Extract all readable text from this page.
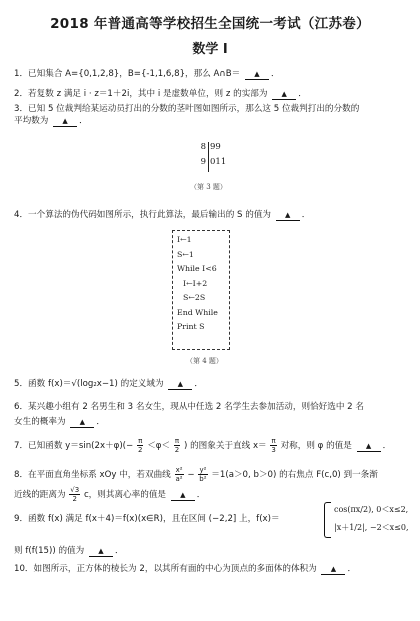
2018 年普通高等学校招生全国统一考试（江苏卷）
数学 I
1．已知集合 A={0,1,2,8}，B={-1,1,6,8}，那么 A∩B＝ ▲ ．
2．若复数 z 满足 i · z＝1＋2i，其中 i 是虚数单位，则 z 的实部为 ▲ ．
3．已知 5 位裁判给某运动员打出的分数的茎叶图如图所示，那么这 5 位裁判打出的分数的
平均数为 ▲ ．
8 99
9 011
（第 3 题）
4．一个算法的伪代码如图所示，执行此算法，最后输出的 S 的值为 ▲ ．
I←1
S←1
While I<6
I←I+2
S←2S
End While
Print S
（第 4 题）
5．函数 f(x)＝√(log₂x−1) 的定义域为 ▲ ．
6．某兴趣小组有 2 名男生和 3 名女生，现从中任选 2 名学生去参加活动，则恰好选中 2 名
女生的概率为 ▲ ．
7．已知函数 $y=\sin(2x+\varphi)(- \frac{\pi}{2} <\varphi< \frac{\pi}{2}$ ) 的图象关于直线 $x= \frac{\pi}{3}$ 对称，则 φ 的值是 ▲ ．
8．在平面直角坐标系 xOy 中，若双曲线 $\frac{\text{x²}}{\text{a²}} - \frac{\text{y²}}{\text{b²}} =1(a>0$, b＞0) 的右焦点 F(c,0) 到一条渐
近线的距离为 $\frac{√3}{2}$ c，则其离心率的值是 ▲ ．
9．函数 f(x) 满足 f(x＋4)＝f(x)(x∈R)，且在区间 (−2,2] 上，f(x)＝
cos(πx/2), 0＜x≤2,
|x＋1/2|, −2＜x≤0,
则 f(f(15)) 的值为 ▲ ．
10．如图所示，正方体的棱长为 2，以其所有面的中心为顶点的多面体的体积为 ▲ ．
